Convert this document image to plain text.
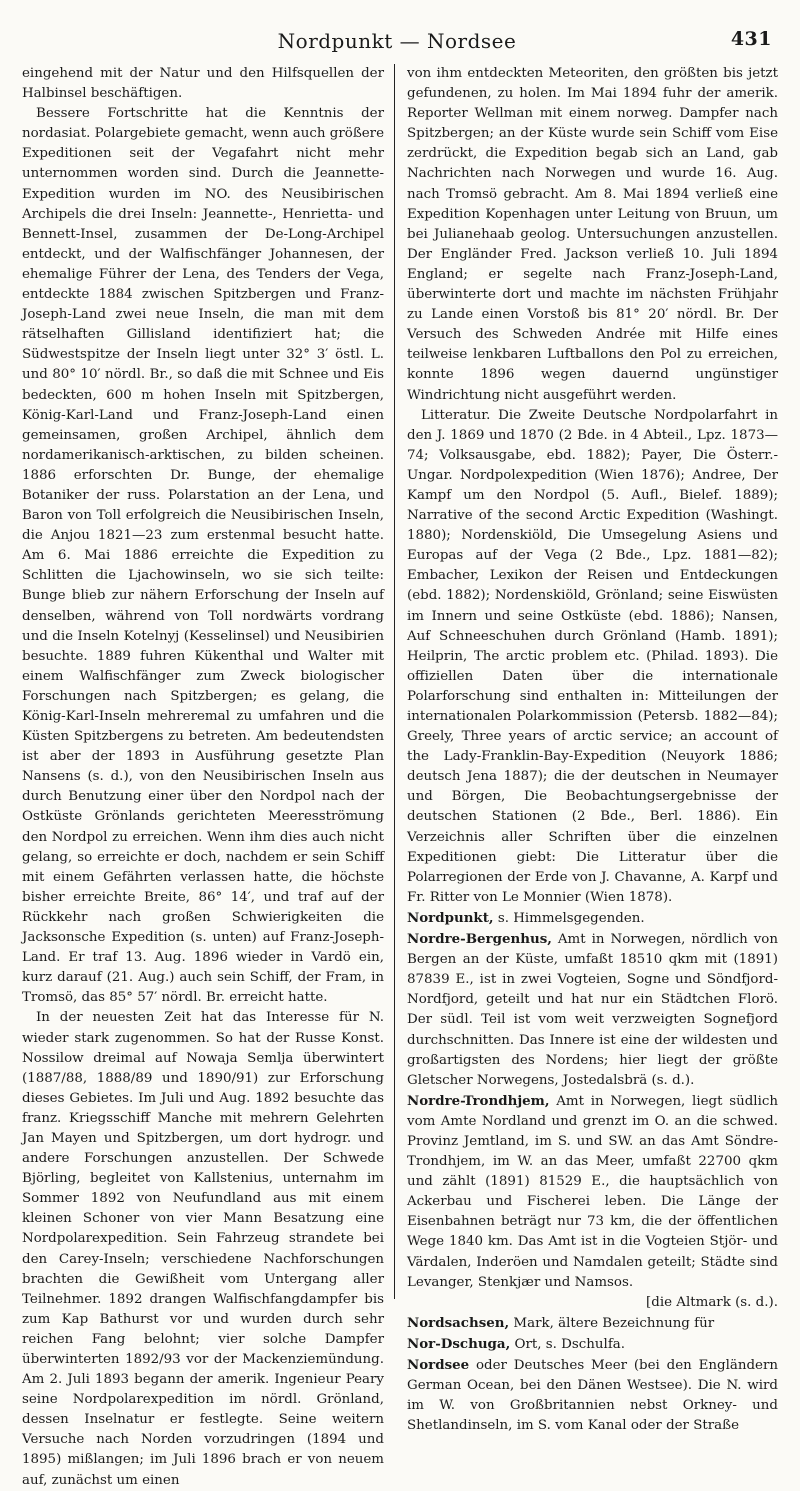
Nordpunkt — Nordsee	431

eingehend mit der Natur und den Hilfsquellen der Halbinsel beschäftigen.

Bessere Fortschritte hat die Kenntnis der nordasiat. Polargebiete gemacht, wenn auch größere Expeditionen seit der Vegafahrt nicht mehr unternommen worden sind. Durch die Jeannette-Expedition wurden im NO. des Neusibirischen Archipels die drei Inseln: Jeannette-, Henrietta- und Bennett-Insel, zusammen der De-Long-Archipel entdeckt, und der Walfischfänger Johannesen, der ehemalige Führer der Lena, des Tenders der Vega, entdeckte 1884 zwischen Spitzbergen und Franz-Joseph-Land zwei neue Inseln, die man mit dem rätselhaften Gillisland identifiziert hat; die Südwestspitze der Inseln liegt unter 32° 3′ östl. L. und 80° 10′ nördl. Br., so daß die mit Schnee und Eis bedeckten, 600 m hohen Inseln mit Spitzbergen, König-Karl-Land und Franz-Joseph-Land einen gemeinsamen, großen Archipel, ähnlich dem nordamerikanisch-arktischen, zu bilden scheinen. 1886 erforschten Dr. Bunge, der ehemalige Botaniker der russ. Polarstation an der Lena, und Baron von Toll erfolgreich die Neusibirischen Inseln, die Anjou 1821—23 zum erstenmal besucht hatte. Am 6. Mai 1886 erreichte die Expedition zu Schlitten die Ljachowinseln, wo sie sich teilte: Bunge blieb zur nähern Erforschung der Inseln auf denselben, während von Toll nordwärts vordrang und die Inseln Kotelnyj (Kesselinsel) und Neusibirien besuchte. 1889 fuhren Kükenthal und Walter mit einem Walfischfänger zum Zweck biologischer Forschungen nach Spitzbergen; es gelang, die König-Karl-Inseln mehreremal zu umfahren und die Küsten Spitzbergens zu betreten. Am bedeutendsten ist aber der 1893 in Ausführung gesetzte Plan Nansens (s. d.), von den Neusibirischen Inseln aus durch Benutzung einer über den Nordpol nach der Ostküste Grönlands gerichteten Meeresströmung den Nordpol zu erreichen. Wenn ihm dies auch nicht gelang, so erreichte er doch, nachdem er sein Schiff mit einem Gefährten verlassen hatte, die höchste bisher erreichte Breite, 86° 14′, und traf auf der Rückkehr nach großen Schwierigkeiten die Jacksonsche Expedition (s. unten) auf Franz-Joseph-Land. Er traf 13. Aug. 1896 wieder in Vardö ein, kurz darauf (21. Aug.) auch sein Schiff, der Fram, in Tromsö, das 85° 57′ nördl. Br. erreicht hatte.

In der neuesten Zeit hat das Interesse für N. wieder stark zugenommen. So hat der Russe Konst. Nossilow dreimal auf Nowaja Semlja überwintert (1887/88, 1888/89 und 1890/91) zur Erforschung dieses Gebietes. Im Juli und Aug. 1892 besuchte das franz. Kriegsschiff Manche mit mehrern Gelehrten Jan Mayen und Spitzbergen, um dort hydrogr. und andere Forschungen anzustellen. Der Schwede Björling, begleitet von Kallstenius, unternahm im Sommer 1892 von Neufundland aus mit einem kleinen Schoner von vier Mann Besatzung eine Nordpolarexpedition. Sein Fahrzeug strandete bei den Carey-Inseln; verschiedene Nachforschungen brachten die Gewißheit vom Untergang aller Teilnehmer. 1892 drangen Walfischfangdampfer bis zum Kap Bathurst vor und wurden durch sehr reichen Fang belohnt; vier solche Dampfer überwinterten 1892/93 vor der Mackenziemündung. Am 2. Juli 1893 begann der amerik. Ingenieur Peary seine Nordpolarexpedition im nördl. Grönland, dessen Inselnatur er festlegte. Seine weitern Versuche nach Norden vorzudringen (1894 und 1895) mißlangen; im Juli 1896 brach er von neuem auf, zunächst um einen

von ihm entdeckten Meteoriten, den größten bis jetzt gefundenen, zu holen. Im Mai 1894 fuhr der amerik. Reporter Wellman mit einem norweg. Dampfer nach Spitzbergen; an der Küste wurde sein Schiff vom Eise zerdrückt, die Expedition begab sich an Land, gab Nachrichten nach Norwegen und wurde 16. Aug. nach Tromsö gebracht. Am 8. Mai 1894 verließ eine Expedition Kopenhagen unter Leitung von Bruun, um bei Julianehaab geolog. Untersuchungen anzustellen. Der Engländer Fred. Jackson verließ 10. Juli 1894 England; er segelte nach Franz-Joseph-Land, überwinterte dort und machte im nächsten Frühjahr zu Lande einen Vorstoß bis 81° 20′ nördl. Br. Der Versuch des Schweden Andrée mit Hilfe eines teilweise lenkbaren Luftballons den Pol zu erreichen, konnte 1896 wegen dauernd ungünstiger Windrichtung nicht ausgeführt werden.

Litteratur. Die Zweite Deutsche Nordpolarfahrt in den J. 1869 und 1870 (2 Bde. in 4 Abteil., Lpz. 1873—74; Volksausgabe, ebd. 1882); Payer, Die Österr.-Ungar. Nordpolexpedition (Wien 1876); Andree, Der Kampf um den Nordpol (5. Aufl., Bielef. 1889); Narrative of the second Arctic Expedition (Washingt. 1880); Nordenskiöld, Die Umsegelung Asiens und Europas auf der Vega (2 Bde., Lpz. 1881—82); Embacher, Lexikon der Reisen und Entdeckungen (ebd. 1882); Nordenskiöld, Grönland; seine Eiswüsten im Innern und seine Ostküste (ebd. 1886); Nansen, Auf Schneeschuhen durch Grönland (Hamb. 1891); Heilprin, The arctic problem etc. (Philad. 1893). Die offiziellen Daten über die internationale Polarforschung sind enthalten in: Mitteilungen der internationalen Polarkommission (Petersb. 1882—84); Greely, Three years of arctic service; an account of the Lady-Franklin-Bay-Expedition (Neuyork 1886; deutsch Jena 1887); die der deutschen in Neumayer und Börgen, Die Beobachtungsergebnisse der deutschen Stationen (2 Bde., Berl. 1886). Ein Verzeichnis aller Schriften über die einzelnen Expeditionen giebt: Die Litteratur über die Polarregionen der Erde von J. Chavanne, A. Karpf und Fr. Ritter von Le Monnier (Wien 1878).

Nordpunkt, s. Himmelsgegenden.

Nordre-Bergenhus, Amt in Norwegen, nördlich von Bergen an der Küste, umfaßt 18510 qkm mit (1891) 87839 E., ist in zwei Vogteien, Sogne und Söndfjord-Nordfjord, geteilt und hat nur ein Städtchen Florö. Der südl. Teil ist vom weit verzweigten Sognefjord durchschnitten. Das Innere ist eine der wildesten und großartigsten des Nordens; hier liegt der größte Gletscher Norwegens, Jostedalsbrä (s. d.).

Nordre-Trondhjem, Amt in Norwegen, liegt südlich vom Amte Nordland und grenzt im O. an die schwed. Provinz Jemtland, im S. und SW. an das Amt Söndre-Trondhjem, im W. an das Meer, umfaßt 22700 qkm und zählt (1891) 81529 E., die hauptsächlich von Ackerbau und Fischerei leben. Die Länge der Eisenbahnen beträgt nur 73 km, die der öffentlichen Wege 1840 km. Das Amt ist in die Vogteien Stjör- und Värdalen, Inderöen und Namdalen geteilt; Städte sind Levanger, Stenkjær und Namsos.

[die Altmark (s. d.).

Nordsachsen, Mark, ältere Bezeichnung für

Nor-Dschuga, Ort, s. Dschulfa.

Nordsee oder Deutsches Meer (bei den Engländern German Ocean, bei den Dänen Westsee). Die N. wird im W. von Großbritannien nebst Orkney- und Shetlandinseln, im S. vom Kanal oder der Straße
